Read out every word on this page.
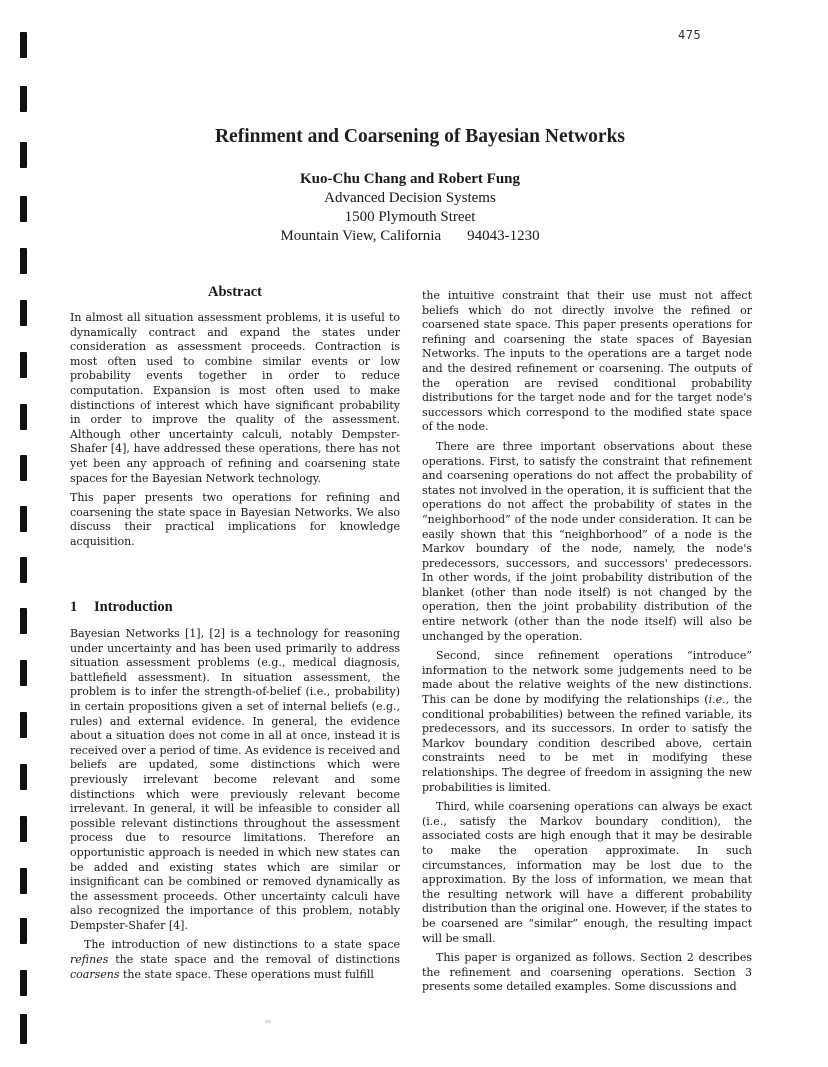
475
Refinment and Coarsening of Bayesian Networks
Kuo-Chu Chang and Robert Fung
Advanced Decision Systems
1500 Plymouth Street
Mountain View, California 94043-1230
Abstract

In almost all situation assessment problems, it is useful to dynamically contract and expand the states under consideration as assessment proceeds. Contraction is most often used to combine similar events or low probability events together in order to reduce computation. Expansion is most often used to make distinctions of interest which have significant probability in order to improve the quality of the assessment. Although other uncertainty calculi, notably Dempster-Shafer [4], have addressed these operations, there has not yet been any approach of refining and coarsening state spaces for the Bayesian Network technology.

This paper presents two operations for refining and coarsening the state space in Bayesian Networks. We also discuss their practical implications for knowledge acquisition.

1 Introduction

Bayesian Networks [1], [2] is a technology for reasoning under uncertainty and has been used primarily to address situation assessment problems (e.g., medical diagnosis, battlefield assessment). In situation assessment, the problem is to infer the strength-of-belief (i.e., probability) in certain propositions given a set of internal beliefs (e.g., rules) and external evidence. In general, the evidence about a situation does not come in all at once, instead it is received over a period of time. As evidence is received and beliefs are updated, some distinctions which were previously irrelevant become relevant and some distinctions which were previously relevant become irrelevant. In general, it will be infeasible to consider all possible relevant distinctions throughout the assessment process due to resource limitations. Therefore an opportunistic approach is needed in which new states can be added and existing states which are similar or insignificant can be combined or removed dynamically as the assessment proceeds. Other uncertainty calculi have also recognized the importance of this problem, notably Dempster-Shafer [4].

The introduction of new distinctions to a state space refines the state space and the removal of distinctions coarsens the state space. These operations must fulfill

the intuitive constraint that their use must not affect beliefs which do not directly involve the refined or coarsened state space. This paper presents operations for refining and coarsening the state spaces of Bayesian Networks. The inputs to the operations are a target node and the desired refinement or coarsening. The outputs of the operation are revised conditional probability distributions for the target node and for the target node's successors which correspond to the modified state space of the node.

There are three important observations about these operations. First, to satisfy the constraint that refinement and coarsening operations do not affect the probability of states not involved in the operation, it is sufficient that the operations do not affect the probability of states in the “neighborhood” of the node under consideration. It can be easily shown that this “neighborhood” of a node is the Markov boundary of the node, namely, the node's predecessors, successors, and successors' predecessors. In other words, if the joint probability distribution of the blanket (other than node itself) is not changed by the operation, then the joint probability distribution of the entire network (other than the node itself) will also be unchanged by the operation.

Second, since refinement operations “introduce” information to the network some judgements need to be made about the relative weights of the new distinctions. This can be done by modifying the relationships (i.e., the conditional probabilities) between the refined variable, its predecessors, and its successors. In order to satisfy the Markov boundary condition described above, certain constraints need to be met in modifying these relationships. The degree of freedom in assigning the new probabilities is limited.

Third, while coarsening operations can always be exact (i.e., satisfy the Markov boundary condition), the associated costs are high enough that it may be desirable to make the operation approximate. In such circumstances, information may be lost due to the approximation. By the loss of information, we mean that the resulting network will have a different probability distribution than the original one. However, if the states to be coarsened are “similar” enough, the resulting impact will be small.

This paper is organized as follows. Section 2 describes the refinement and coarsening operations. Section 3 presents some detailed examples. Some discussions and
